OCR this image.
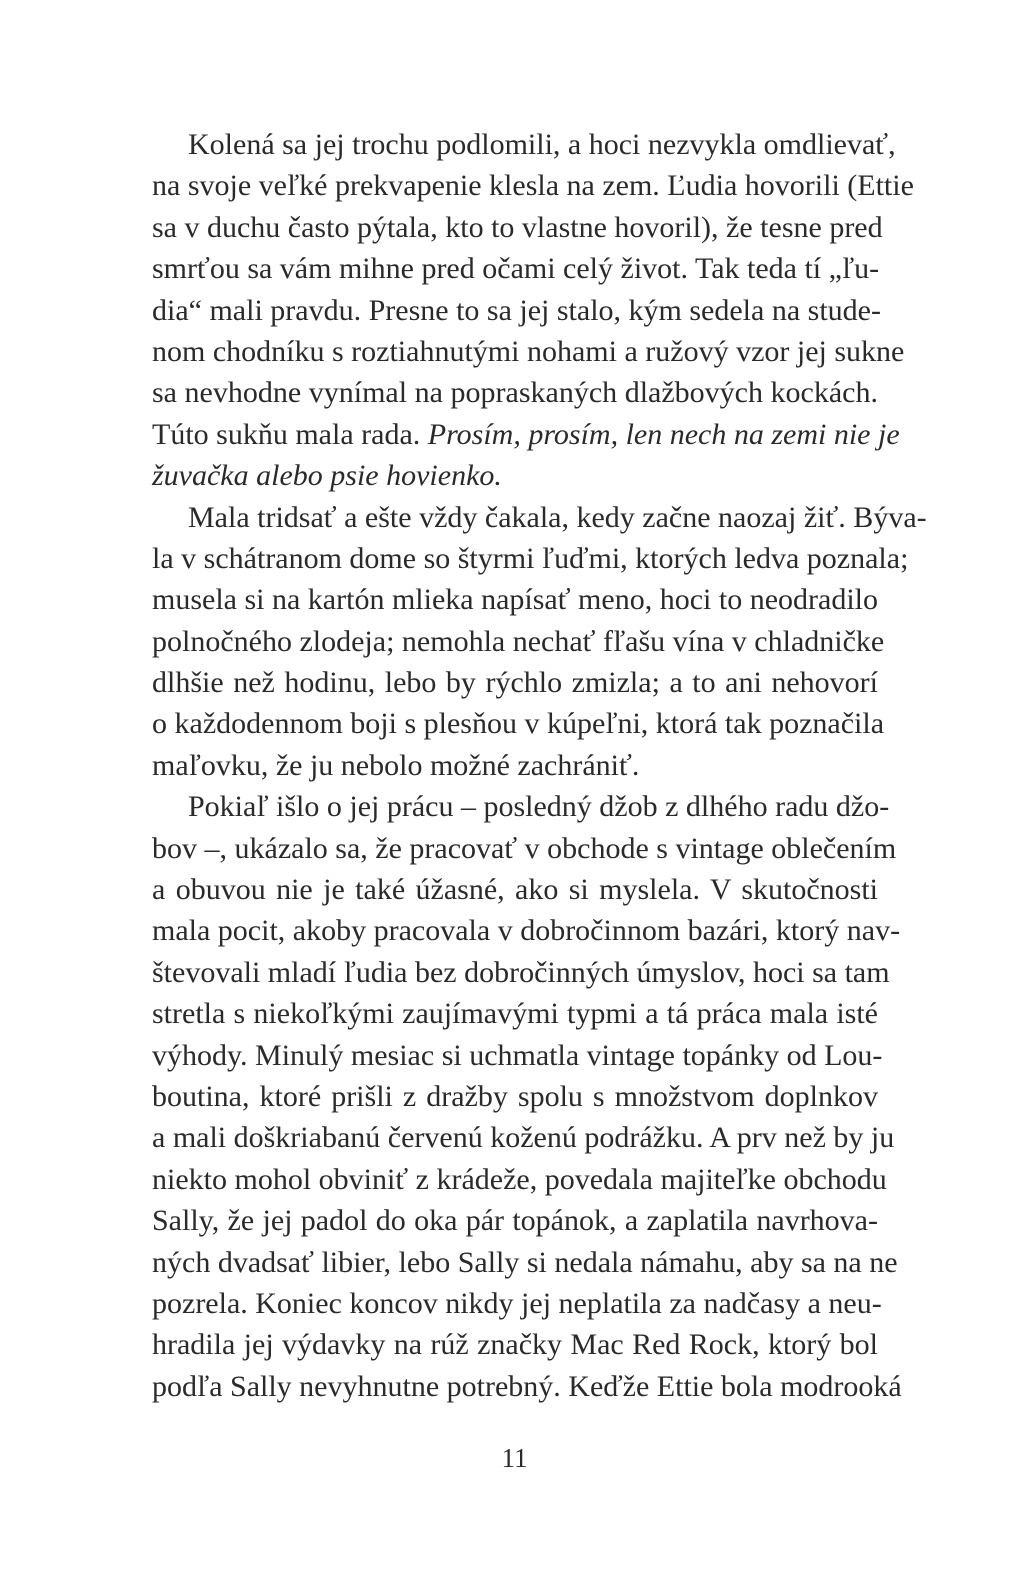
Kolená sa jej trochu podlomili, a hoci nezvykla omdlievať,
na svoje veľké prekvapenie klesla na zem. Ľudia hovorili (Ettie
sa v duchu často pýtala, kto to vlastne hovoril), že tesne pred
smrťou sa vám mihne pred očami celý život. Tak teda tí „ľu-
dia“ mali pravdu. Presne to sa jej stalo, kým sedela na stude-
nom chodníku s roztiahnutými nohami a ružový vzor jej sukne
sa nevhodne vynímal na popraskaných dlažbových kockách.
Túto sukňu mala rada. Prosím, prosím, len nech na zemi nie je
žuvačka alebo psie hovienko.
Mala tridsať a ešte vždy čakala, kedy začne naozaj žiť. Býva-
la v schátranom dome so štyrmi ľuďmi, ktorých ledva poznala;
musela si na kartón mlieka napísať meno, hoci to neodradilo
polnočného zlodeja; nemohla nechať fľašu vína v chladničke
dlhšie než hodinu, lebo by rýchlo zmizla; a to ani nehovorí
o každodennom boji s plesňou v kúpeľni, ktorá tak poznačila
maľovku, že ju nebolo možné zachrániť.
Pokiaľ išlo o jej prácu – posledný džob z dlhého radu džo-
bov –, ukázalo sa, že pracovať v obchode s vintage oblečením
a obuvou nie je také úžasné, ako si myslela. V skutočnosti
mala pocit, akoby pracovala v dobročinnom bazári, ktorý nav-
števovali mladí ľudia bez dobročinných úmyslov, hoci sa tam
stretla s niekoľkými zaujímavými typmi a tá práca mala isté
výhody. Minulý mesiac si uchmatla vintage topánky od Lou-
boutina, ktoré prišli z dražby spolu s množstvom doplnkov
a mali doškriabanú červenú koženú podrážku. A prv než by ju
niekto mohol obviniť z krádeže, povedala majiteľke obchodu
Sally, že jej padol do oka pár topánok, a zaplatila navrhova-
ných dvadsať libier, lebo Sally si nedala námahu, aby sa na ne
pozrela. Koniec koncov nikdy jej neplatila za nadčasy a neu-
hradila jej výdavky na rúž značky Mac Red Rock, ktorý bol
podľa Sally nevyhnutne potrebný. Keďže Ettie bola modrooká
11
